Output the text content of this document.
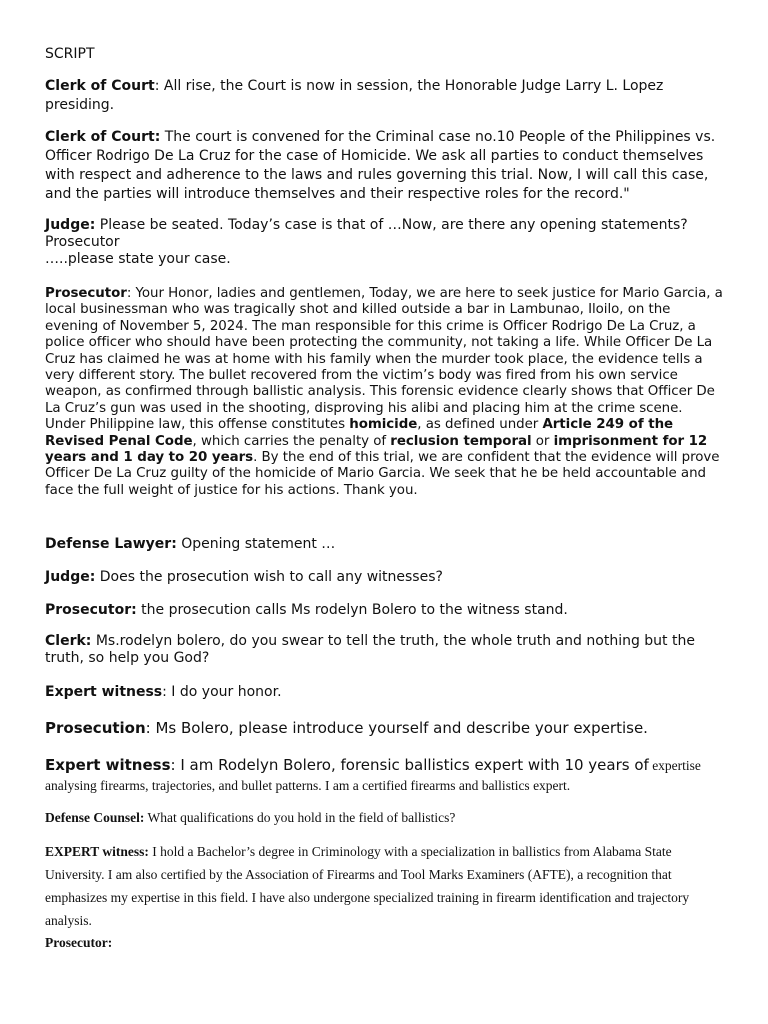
SCRIPT

Clerk of Court: All rise, the Court is now in session, the Honorable Judge Larry L. Lopez presiding.

Clerk of Court: The court is convened for the Criminal case no.10 People of the Philippines vs. Officer Rodrigo De La Cruz for the case of Homicide. We ask all parties to conduct themselves with respect and adherence to the laws and rules governing this trial. Now, I will call this case, and the parties will introduce themselves and their respective roles for the record."

Judge: Please be seated. Today’s case is that of …Now, are there any opening statements?
Prosecutor
…..please state your case.

Prosecutor: Your Honor, ladies and gentlemen, Today, we are here to seek justice for Mario Garcia, a local businessman who was tragically shot and killed outside a bar in Lambunao, Iloilo, on the evening of November 5, 2024. The man responsible for this crime is Officer Rodrigo De La Cruz, a police officer who should have been protecting the community, not taking a life. While Officer De La Cruz has claimed he was at home with his family when the murder took place, the evidence tells a very different story. The bullet recovered from the victim’s body was fired from his own service weapon, as confirmed through ballistic analysis. This forensic evidence clearly shows that Officer De La Cruz’s gun was used in the shooting, disproving his alibi and placing him at the crime scene. Under Philippine law, this offense constitutes homicide, as defined under Article 249 of the Revised Penal Code, which carries the penalty of reclusion temporal or imprisonment for 12 years and 1 day to 20 years. By the end of this trial, we are confident that the evidence will prove Officer De La Cruz guilty of the homicide of Mario Garcia. We seek that he be held accountable and face the full weight of justice for his actions. Thank you.

Defense Lawyer: Opening statement …

Judge: Does the prosecution wish to call any witnesses?

Prosecutor: the prosecution calls Ms rodelyn Bolero to the witness stand.

Clerk: Ms.rodelyn bolero, do you swear to tell the truth, the whole truth and nothing but the truth, so help you God?

Expert witness: I do your honor.

Prosecution: Ms Bolero, please introduce yourself and describe your expertise.

Expert witness: I am Rodelyn Bolero, forensic ballistics expert with 10 years of expertise analysing firearms, trajectories, and bullet patterns. I am a certified firearms and ballistics expert.

Defense Counsel: What qualifications do you hold in the field of ballistics?

EXPERT witness: I hold a Bachelor’s degree in Criminology with a specialization in ballistics from Alabama State University. I am also certified by the Association of Firearms and Tool Marks Examiners (AFTE), a recognition that emphasizes my expertise in this field. I have also undergone specialized training in firearm identification and trajectory analysis.

Prosecutor:
